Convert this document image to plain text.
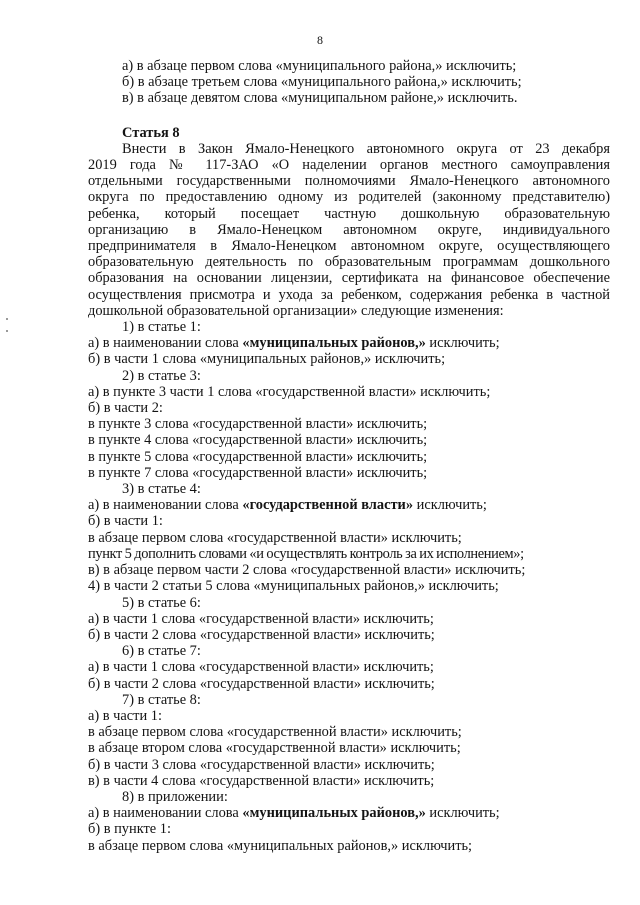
8
а) в абзаце первом слова «муниципального района,» исключить;
б) в абзаце третьем слова «муниципального района,» исключить;
в) в абзаце девятом слова «муниципальном районе,» исключить.
Статья 8
Внести в Закон Ямало-Ненецкого автономного округа от 23 декабря
2019 года № 117-ЗАО «О наделении органов местного самоуправления
отдельными государственными полномочиями Ямало-Ненецкого автономного
округа по предоставлению одному из родителей (законному представителю)
ребенка, который посещает частную дошкольную образовательную
организацию в Ямало-Ненецком автономном округе, индивидуального
предпринимателя в Ямало-Ненецком автономном округе, осуществляющего
образовательную деятельность по образовательным программам дошкольного
образования на основании лицензии, сертификата на финансовое обеспечение
осуществления присмотра и ухода за ребенком, содержания ребенка в частной
дошкольной образовательной организации» следующие изменения:
1) в статье 1:
а) в наименовании слова «муниципальных районов,» исключить;
б) в части 1 слова «муниципальных районов,» исключить;
2) в статье 3:
а) в пункте 3 части 1 слова «государственной власти» исключить;
б) в части 2:
в пункте 3 слова «государственной власти» исключить;
в пункте 4 слова «государственной власти» исключить;
в пункте 5 слова «государственной власти» исключить;
в пункте 7 слова «государственной власти» исключить;
3) в статье 4:
а) в наименовании слова «государственной власти» исключить;
б) в части 1:
в абзаце первом слова «государственной власти» исключить;
пункт 5 дополнить словами «и осуществлять контроль за их исполнением»;
в) в абзаце первом части 2 слова «государственной власти» исключить;
4) в части 2 статьи 5 слова «муниципальных районов,» исключить;
5) в статье 6:
а) в части 1 слова «государственной власти» исключить;
б) в части 2 слова «государственной власти» исключить;
6) в статье 7:
а) в части 1 слова «государственной власти» исключить;
б) в части 2 слова «государственной власти» исключить;
7) в статье 8:
а) в части 1:
в абзаце первом слова «государственной власти» исключить;
в абзаце втором слова «государственной власти» исключить;
б) в части 3 слова «государственной власти» исключить;
в) в части 4 слова «государственной власти» исключить;
8) в приложении:
а) в наименовании слова «муниципальных районов,» исключить;
б) в пункте 1:
в абзаце первом слова «муниципальных районов,» исключить;
